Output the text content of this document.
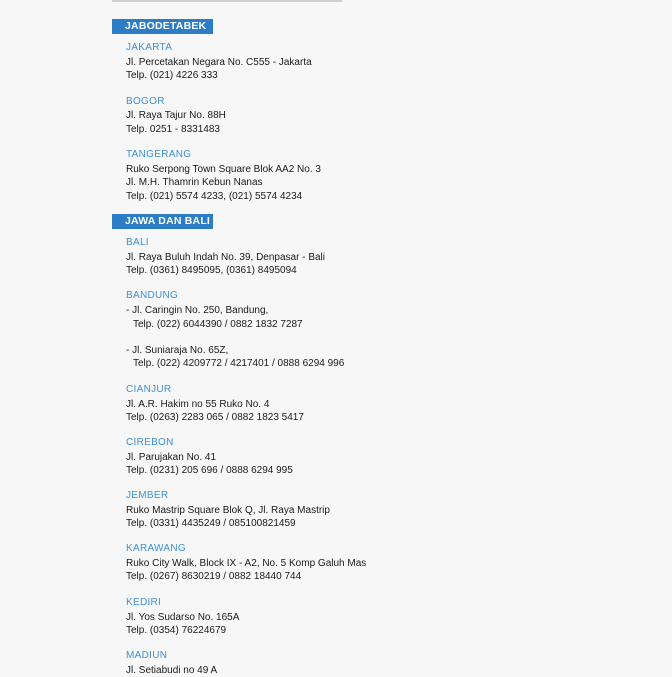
JABODETABEK
JAKARTA
Jl. Percetakan Negara No. C555 - Jakarta
Telp. (021) 4226 333
BOGOR
Jl. Raya Tajur No. 88H
Telp. 0251 - 8331483
TANGERANG
Ruko Serpong Town Square Blok AA2 No. 3
Jl. M.H. Thamrin Kebun Nanas
Telp. (021) 5574 4233, (021) 5574 4234
JAWA DAN BALI
BALI
Jl. Raya Buluh Indah No. 39, Denpasar - Bali
Telp. (0361) 8495095, (0361) 8495094
BANDUNG
- Jl. Caringin No. 250, Bandung,
Telp. (022) 6044390 / 0882 1832 7287
- Jl. Suniaraja No. 65Z,
Telp. (022) 4209772 / 4217401 / 0888 6294 996
CIANJUR
Jl. A.R. Hakim no 55 Ruko No. 4
Telp. (0263) 2283 065 / 0882 1823 5417
CIREBON
Jl. Parujakan No. 41
Telp. (0231) 205 696 / 0888 6294 995
JEMBER
Ruko Mastrip Square Blok Q, Jl. Raya Mastrip
Telp. (0331) 4435249 / 085100821459
KARAWANG
Ruko City Walk, Block IX - A2, No. 5 Komp Galuh Mas
Telp. (0267) 8630219 / 0882 18440 744
KEDIRI
Jl. Yos Sudarso No. 165A
Telp. (0354) 76224679
MADIUN
Jl. Setiabudi no 49 A
